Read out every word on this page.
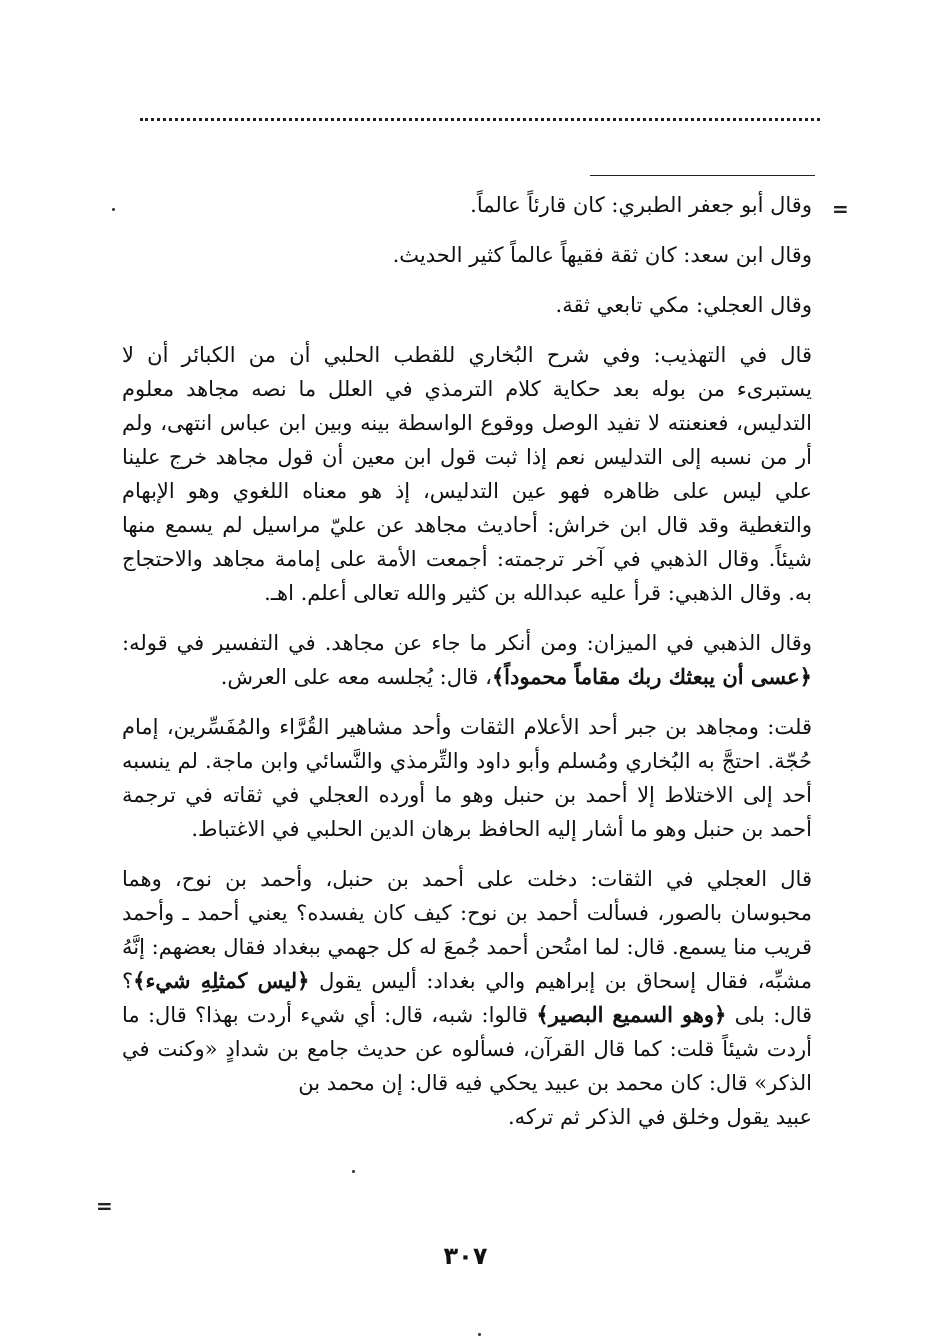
=
=

وقال أبو جعفر الطبري: كان قارئاً عالماً.

وقال ابن سعد: كان ثقة فقيهاً عالماً كثير الحديث.

وقال العجلي: مكي تابعي ثقة.

قال في التهذيب: وفي شرح البُخاري للقطب الحلبي أن من الكبائر أن لا يستبرىء من بوله بعد حكاية كلام الترمذي في العلل ما نصه مجاهد معلوم التدليس، فعنعنته لا تفيد الوصل ووقوع الواسطة بينه وبين ابن عباس انتهى، ولم أر من نسبه إلى التدليس نعم إذا ثبت قول ابن معين أن قول مجاهد خرج علينا علي ليس على ظاهره فهو عين التدليس، إذ هو معناه اللغوي وهو الإبهام والتغطية وقد قال ابن خراش: أحاديث مجاهد عن عليّ مراسيل لم يسمع منها شيئاً. وقال الذهبي في آخر ترجمته: أجمعت الأمة على إمامة مجاهد والاحتجاج به. وقال الذهبي: قرأ عليه عبدالله بن كثير والله تعالى أعلم. اهـ.

وقال الذهبي في الميزان: ومن أنكر ما جاء عن مجاهد. في التفسير في قوله: ﴿عسى أن يبعثك ربك مقاماً محموداً﴾، قال: يُجلسه معه على العرش.

قلت: ومجاهد بن جبر أحد الأعلام الثقات وأحد مشاهير القُرَّاء والمُفَسِّرين، إمام حُجّة. احتجَّ به البُخاري ومُسلم وأبو داود والتِّرمذي والنَّسائي وابن ماجة. لم ينسبه أحد إلى الاختلاط إلا أحمد بن حنبل وهو ما أورده العجلي في ثقاته في ترجمة أحمد بن حنبل وهو ما أشار إليه الحافظ برهان الدين الحلبي في الاغتباط.

قال العجلي في الثقات: دخلت على أحمد بن حنبل، وأحمد بن نوح، وهما محبوسان بالصور، فسألت أحمد بن نوح: كيف كان يفسده؟ يعني أحمد ـ وأحمد قريب منا يسمع. قال: لما امتُحن أحمد جُمعَ له كل جهمي ببغداد فقال بعضهم: إنَّهُ مشبِّه، فقال إسحاق بن إبراهيم والي بغداد: أليس يقول ﴿ليس كمثلِهِ شيء﴾؟ قال: بلى ﴿وهو السميع البصير﴾ قالوا: شبه، قال: أي شيء أردت بهذا؟ قال: ما أردت شيئاً قلت: كما قال القرآن، فسألوه عن حديث جامع بن شدادٍ «وكنت في الذكر» قال: كان محمد بن عبيد يحكي فيه قال: إن محمد بن

عبيد يقول وخلق في الذكر ثم تركه.

٣٠٧
